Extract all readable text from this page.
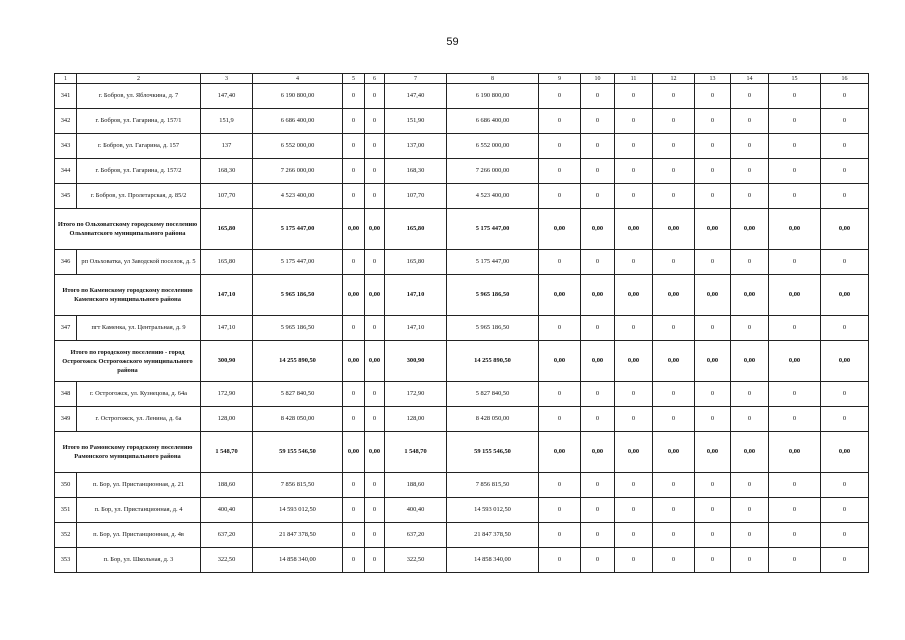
59
1	2	3	4	5	6	7	8	9	10	11	12	13	14	15	16
341	г. Бобров, ул. Яблочкина, д. 7	147,40	6 190 800,00	0	0	147,40	6 190 800,00	0	0	0	0	0	0	0	0
342	г. Бобров, ул. Гагарина, д. 157/1	151,9	6 686 400,00	0	0	151,90	6 686 400,00	0	0	0	0	0	0	0	0
343	г. Бобров, ул. Гагарина, д. 157	137	6 552 000,00	0	0	137,00	6 552 000,00	0	0	0	0	0	0	0	0
344	г. Бобров, ул. Гагарина, д. 157/2	168,30	7 266 000,00	0	0	168,30	7 266 000,00	0	0	0	0	0	0	0	0
345	г. Бобров, ул. Пролетарская, д. 85/2	107,70	4 523 400,00	0	0	107,70	4 523 400,00	0	0	0	0	0	0	0	0
Итого по Ольховатскому городскому поселению Ольховатского муниципального района		165,80	5 175 447,00	0,00	0,00	165,80	5 175 447,00	0,00	0,00	0,00	0,00	0,00	0,00	0,00	0,00
346	рп Ольховатка, ул Заводской поселок, д. 5	165,80	5 175 447,00	0	0	165,80	5 175 447,00	0	0	0	0	0	0	0	0
Итого по Каменскому городскому поселению Каменского муниципального района		147,10	5 965 186,50	0,00	0,00	147,10	5 965 186,50	0,00	0,00	0,00	0,00	0,00	0,00	0,00	0,00
347	пгт Каменка, ул. Центральная, д. 9	147,10	5 965 186,50	0	0	147,10	5 965 186,50	0	0	0	0	0	0	0	0
Итого по городскому поселению - город Острогожск Острогожского муниципального района		300,90	14 255 890,50	0,00	0,00	300,90	14 255 890,50	0,00	0,00	0,00	0,00	0,00	0,00	0,00	0,00
348	г. Острогожск, ул. Кузнецова, д. 64а	172,90	5 827 840,50	0	0	172,90	5 827 840,50	0	0	0	0	0	0	0	0
349	г. Острогожск, ул. Ленина, д. 6а	128,00	8 428 050,00	0	0	128,00	8 428 050,00	0	0	0	0	0	0	0	0
Итого по Рамонскому городскому поселению Рамонского муниципального района		1 548,70	59 155 546,50	0,00	0,00	1 548,70	59 155 546,50	0,00	0,00	0,00	0,00	0,00	0,00	0,00	0,00
350	п. Бор, ул. Пристанционная, д. 21	188,60	7 856 815,50	0	0	188,60	7 856 815,50	0	0	0	0	0	0	0	0
351	п. Бор, ул. Пристанционная, д. 4	400,40	14 593 012,50	0	0	400,40	14 593 012,50	0	0	0	0	0	0	0	0
352	п. Бор, ул. Пристанционная, д. 4в	637,20	21 847 378,50	0	0	637,20	21 847 378,50	0	0	0	0	0	0	0	0
353	п. Бор, ул. Школьная, д. 3	322,50	14 858 340,00	0	0	322,50	14 858 340,00	0	0	0	0	0	0	0	0
